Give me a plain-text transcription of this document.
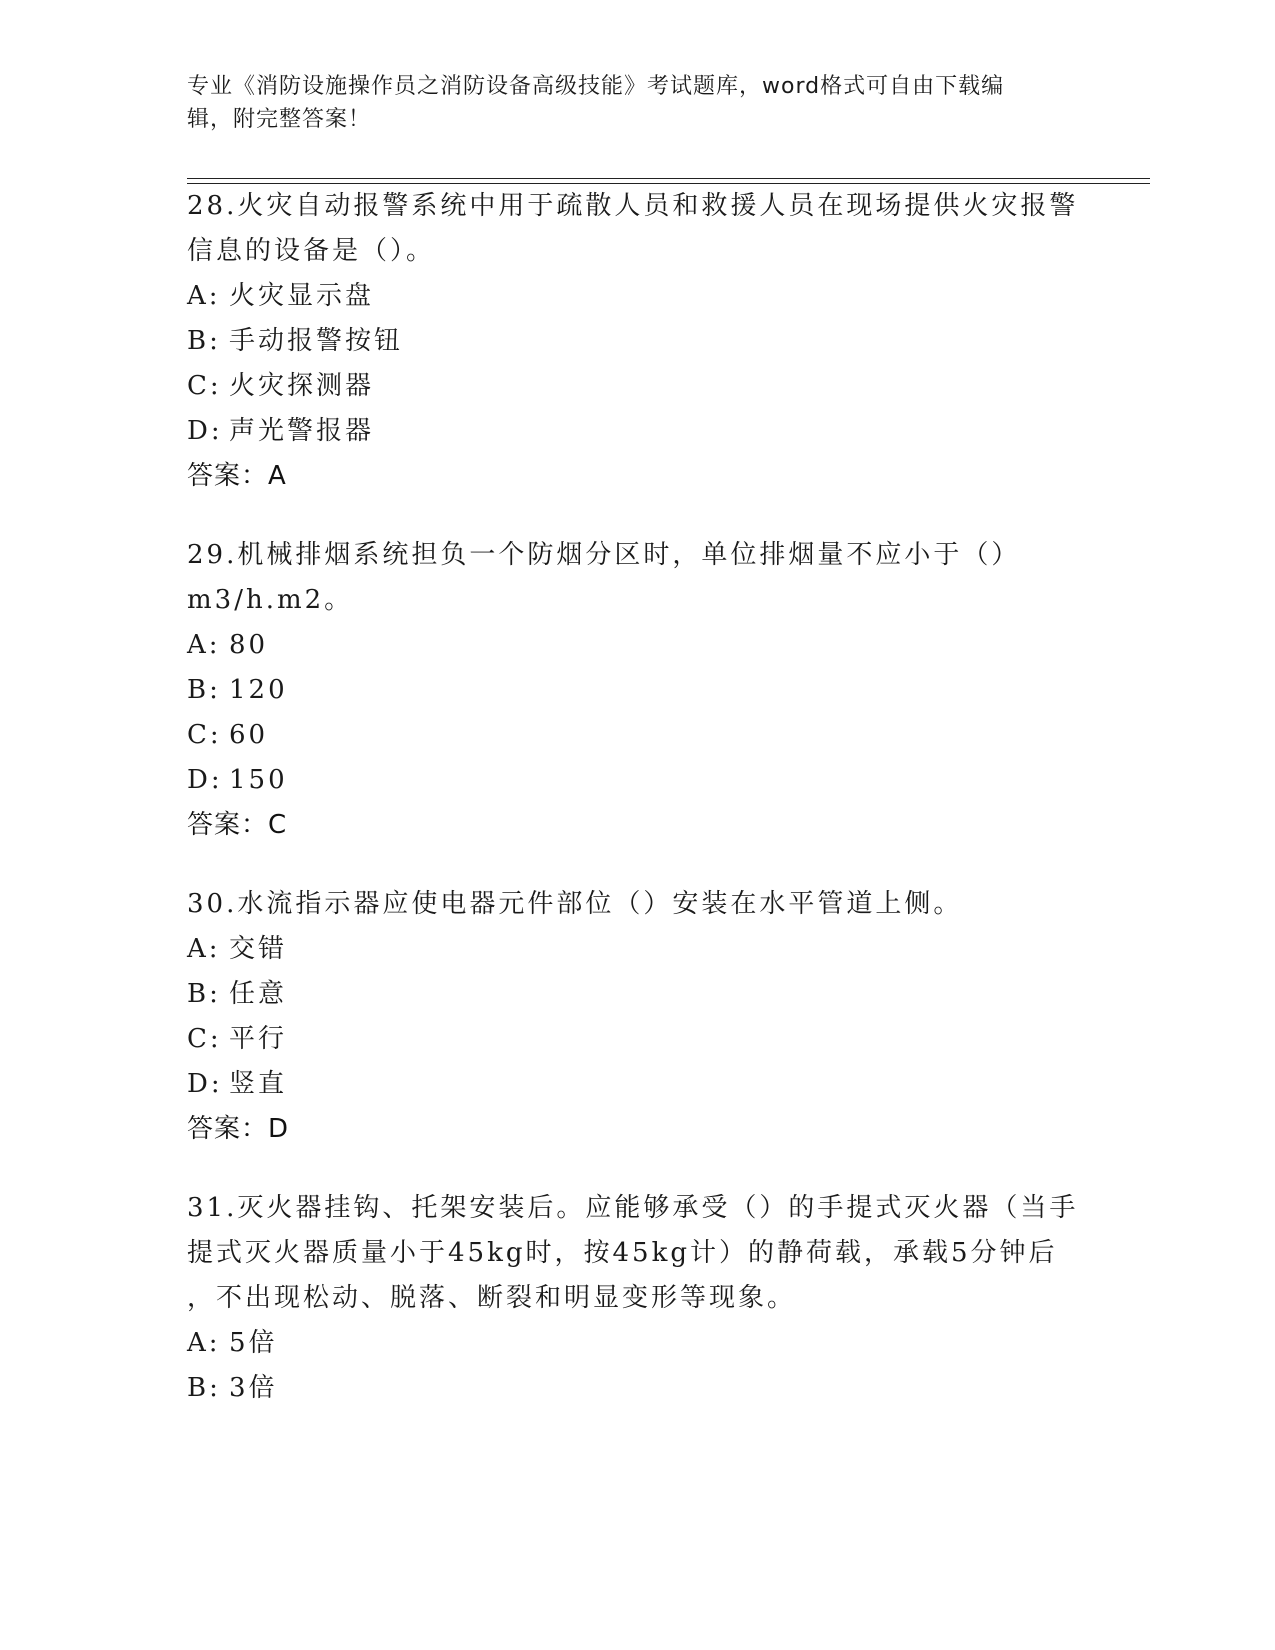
专业《消防设施操作员之消防设备高级技能》考试题库，word格式可自由下载编
辑，附完整答案！
28.火灾自动报警系统中用于疏散人员和救援人员在现场提供火灾报警
信息的设备是（）。
A: 火灾显示盘
B: 手动报警按钮
C: 火灾探测器
D: 声光警报器
答案：A
29.机械排烟系统担负一个防烟分区时，单位排烟量不应小于（）
m3/h.m2。
A: 80
B: 120
C: 60
D: 150
答案：C
30.水流指示器应使电器元件部位（）安装在水平管道上侧。
A: 交错
B: 任意
C: 平行
D: 竖直
答案：D
31.灭火器挂钩、托架安装后。应能够承受（）的手提式灭火器（当手
提式灭火器质量小于45kg时，按45kg计）的静荷载，承载5分钟后
，不出现松动、脱落、断裂和明显变形等现象。
A: 5倍
B: 3倍
